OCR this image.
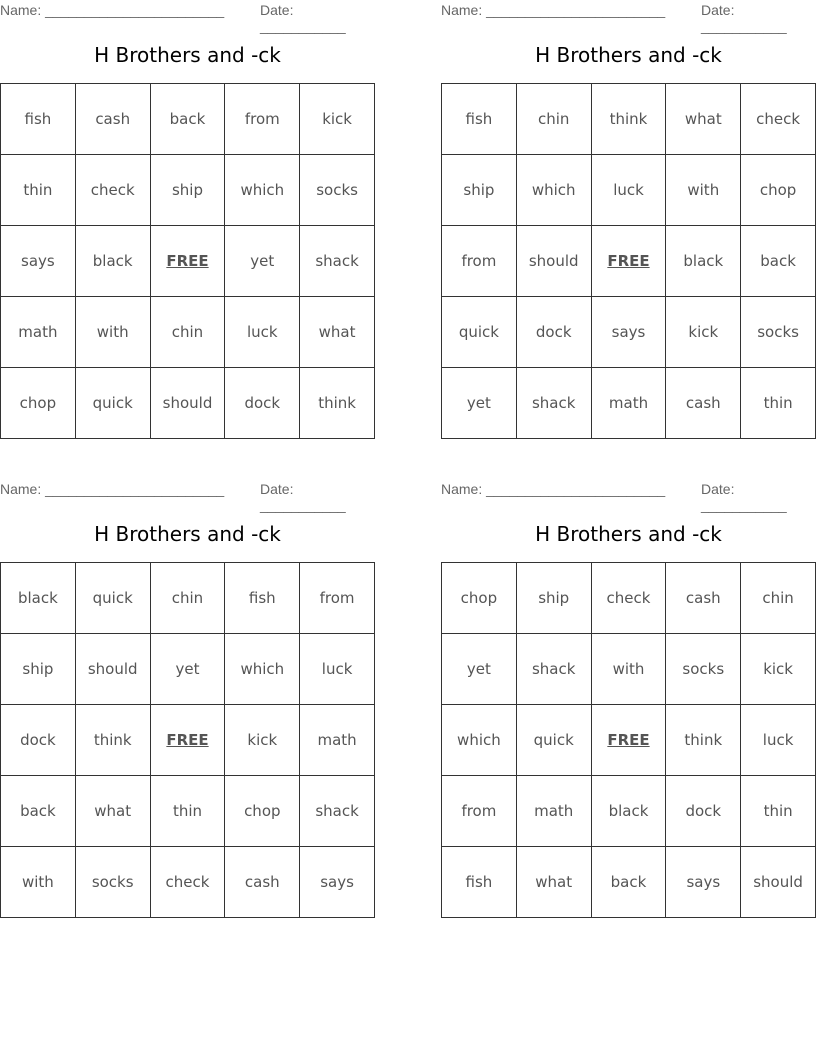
Name: _______________________	Date: ___________
H Brothers and -ck
fish	cash	back	from	kick
thin	check	ship	which	socks
says	black	FREE	yet	shack
math	with	chin	luck	what
chop	quick	should	dock	think
Name: _______________________	Date: ___________
H Brothers and -ck
fish	chin	think	what	check
ship	which	luck	with	chop
from	should	FREE	black	back
quick	dock	says	kick	socks
yet	shack	math	cash	thin
Name: _______________________	Date: ___________
H Brothers and -ck
black	quick	chin	fish	from
ship	should	yet	which	luck
dock	think	FREE	kick	math
back	what	thin	chop	shack
with	socks	check	cash	says
Name: _______________________	Date: ___________
H Brothers and -ck
chop	ship	check	cash	chin
yet	shack	with	socks	kick
which	quick	FREE	think	luck
from	math	black	dock	thin
fish	what	back	says	should
